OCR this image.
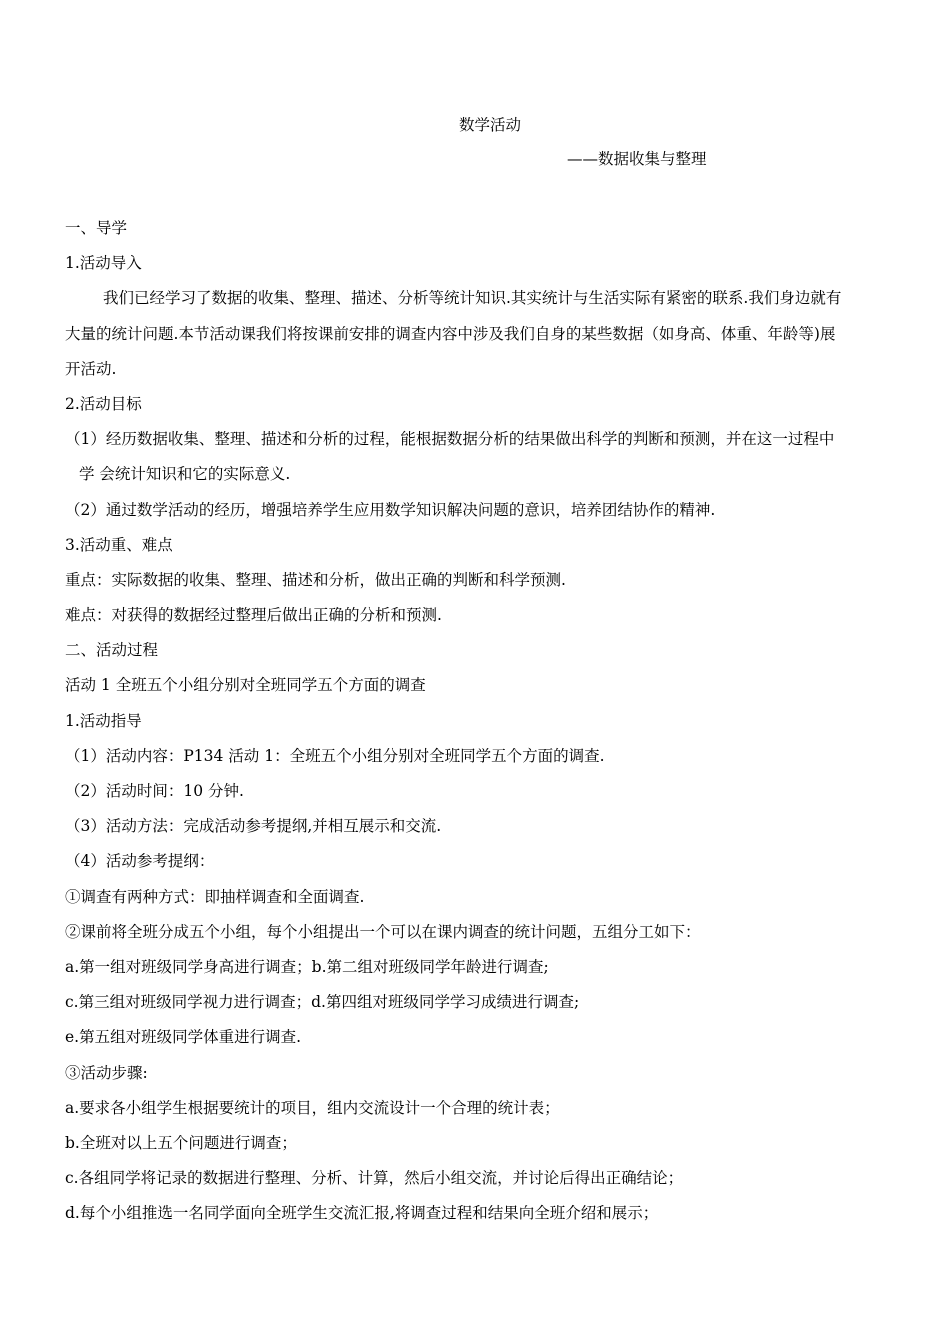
数学活动
——数据收集与整理
一、导学
1.活动导入
我们已经学习了数据的收集、整理、描述、分析等统计知识.其实统计与生活实际有紧密的联系.我们身边就有
大量的统计问题.本节活动课我们将按课前安排的调查内容中涉及我们自身的某些数据（如身高、体重、年龄等)展
开活动.
2.活动目标
（1）经历数据收集、整理、描述和分析的过程，能根据数据分析的结果做出科学的判断和预测，并在这一过程中
学 会统计知识和它的实际意义.
（2）通过数学活动的经历，增强培养学生应用数学知识解决问题的意识，培养团结协作的精神.
3.活动重、难点
重点：实际数据的收集、整理、描述和分析，做出正确的判断和科学预测.
难点：对获得的数据经过整理后做出正确的分析和预测.
二、活动过程
活动 1 全班五个小组分别对全班同学五个方面的调查
1.活动指导
（1）活动内容：P134 活动 1：全班五个小组分别对全班同学五个方面的调查.
（2）活动时间：10 分钟.
（3）活动方法：完成活动参考提纲,并相互展示和交流.
（4）活动参考提纲：
①调查有两种方式：即抽样调查和全面调查.
②课前将全班分成五个小组，每个小组提出一个可以在课内调查的统计问题，五组分工如下：
a.第一组对班级同学身高进行调查；b.第二组对班级同学年龄进行调查;
c.第三组对班级同学视力进行调查；d.第四组对班级同学学习成绩进行调查;
e.第五组对班级同学体重进行调查.
③活动步骤:
a.要求各小组学生根据要统计的项目，组内交流设计一个合理的统计表；
b.全班对以上五个问题进行调查；
c.各组同学将记录的数据进行整理、分析、计算，然后小组交流，并讨论后得出正确结论；
d.每个小组推选一名同学面向全班学生交流汇报,将调查过程和结果向全班介绍和展示；
